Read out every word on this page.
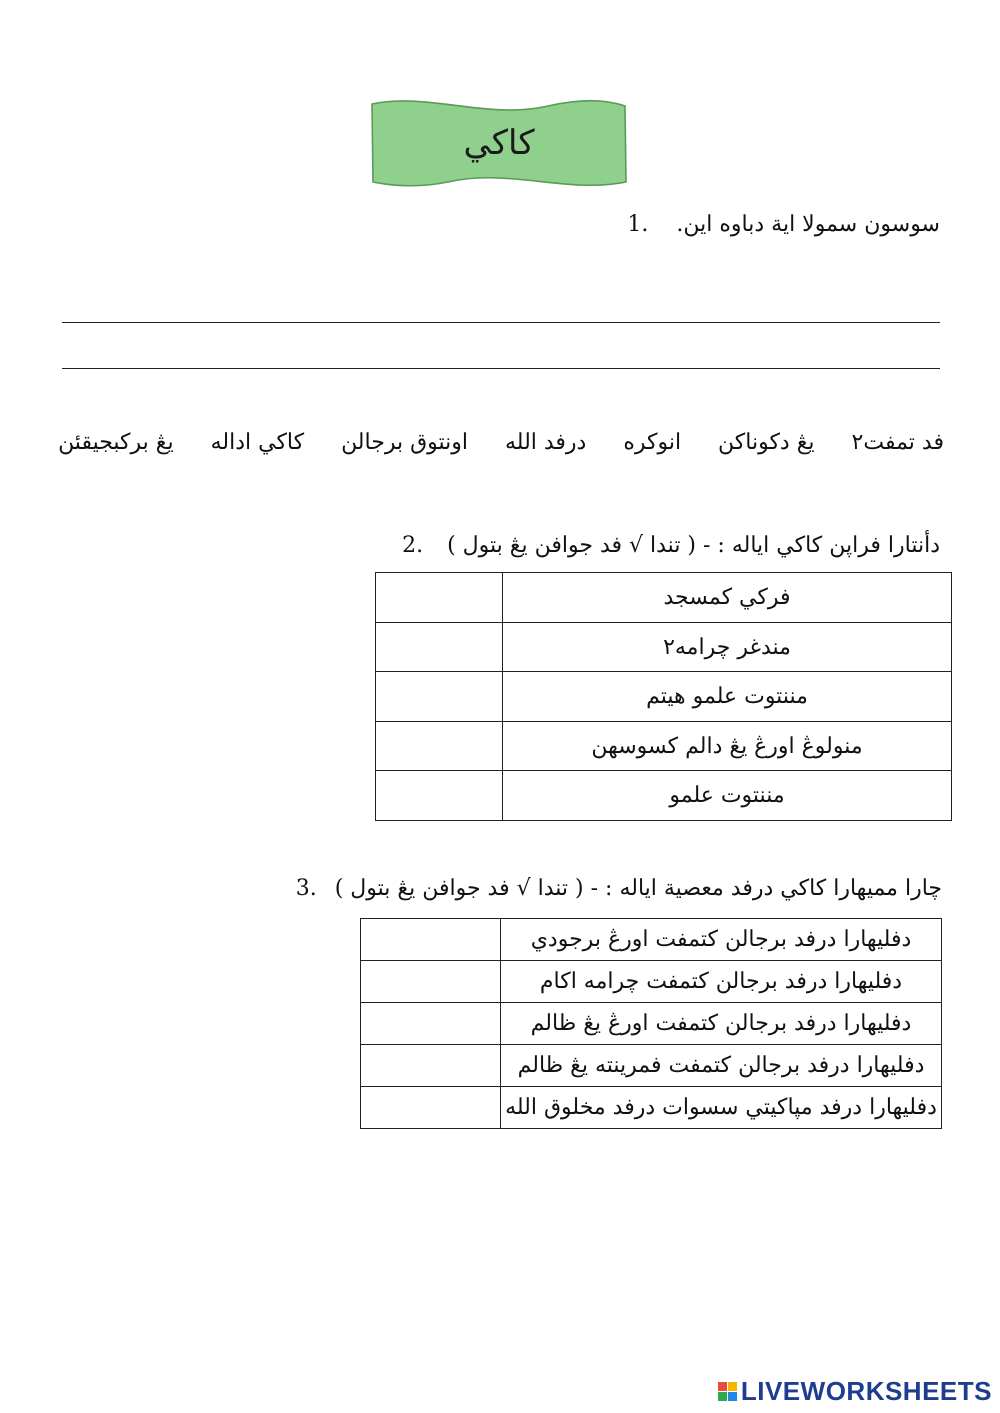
كاكي
سوسون سمولا اية دباوه اين.  1.
يڠ بركبجيقئن كاكي اداله اونتوق برجالن درفد الله انوكره يڠ دكوناكن فد تمفت٢
دأنتارا فراڽن كاكي اياله : - ( تندا √ فد جوافن يڠ بتول )  2.
	فركي كمسجد
	مندغر چرامه٢
	مننتوت علمو هيتم
	منولوڠ اورڠ يڠ دالم كسوسهن
	مننتوت علمو
چارا مميهارا كاكي درفد معصية اياله : - ( تندا √ فد جوافن يڠ بتول )  3.
	دفليهارا درفد برجالن كتمفت اورڠ برجودي
	دفليهارا درفد برجالن كتمفت چرامه اكام
	دفليهارا درفد برجالن كتمفت اورڠ يڠ ظالم
	دفليهارا درفد برجالن كتمفت فمرينته يڠ ظالم
	دفليهارا درفد مپاكيتي سسوات درفد مخلوق الله
LIVEWORKSHEETS
